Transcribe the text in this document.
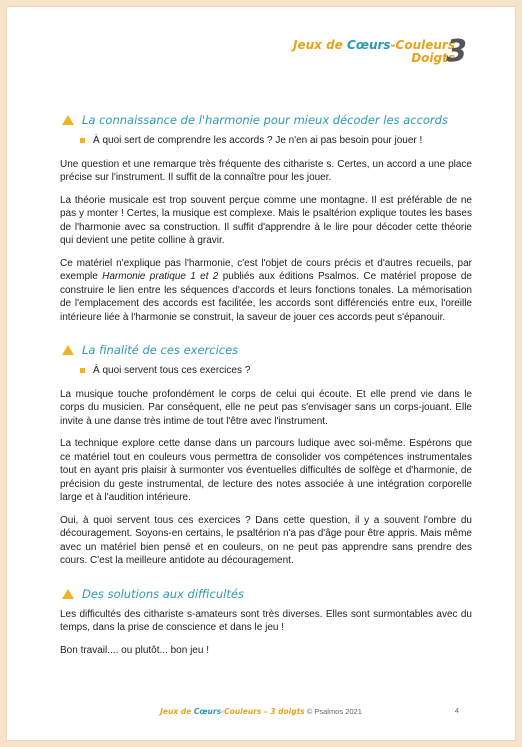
Jeux de Cœurs-Couleurs
Doigts
3
La connaissance de l'harmonie pour mieux décoder les accords
À quoi sert de comprendre les accords ? Je n'en ai pas besoin pour jouer !

Une question et une remarque très fréquente des cithariste s. Certes, un accord a une place précise sur l'instrument. Il suffit de la connaître pour les jouer.

La théorie musicale est trop souvent perçue comme une montagne. Il est préférable de ne pas y monter ! Certes, la musique est complexe. Mais le psaltérion explique toutes les bases de l'harmonie avec sa construction. Il suffit d'apprendre à le lire pour décoder cette théorie qui devient une petite colline à gravir.

Ce matériel n'explique pas l'harmonie, c'est l'objet de cours précis et d'autres recueils, par exemple Harmonie pratique 1 et 2 publiés aux éditions Psalmos. Ce matériel propose de construire le lien entre les séquences d'accords et leurs fonctions tonales. La mémorisation de l'emplacement des accords est facilitée, les accords sont différenciés entre eux, l'oreille intérieure liée à l'harmonie se construit, la saveur de jouer ces accords peut s'épanouir.

La finalité de ces exercices
À quoi servent tous ces exercices ?

La musique touche profondément le corps de celui qui écoute. Et elle prend vie dans le corps du musicien. Par conséquent, elle ne peut pas s'envisager sans un corps-jouant. Elle invite à une danse très intime de tout l'être avec l'instrument.

La technique explore cette danse dans un parcours ludique avec soi-même. Espérons que ce matériel tout en couleurs vous permettra de consolider vos compétences instrumentales tout en ayant pris plaisir à surmonter vos éventuelles difficultés de solfège et d'harmonie, de précision du geste instrumental, de lecture des notes associée à une intégration corporelle large et à l'audition intérieure.

Oui, à quoi servent tous ces exercices ? Dans cette question, il y a souvent l'ombre du découragement. Soyons-en certains, le psaltérion n'a pas d'âge pour être appris. Mais même avec un matériel bien pensé et en couleurs, on ne peut pas apprendre sans prendre des cours. C'est la meilleure antidote au découragement.

Des solutions aux difficultés

Les difficultés des cithariste s-amateurs sont très diverses. Elles sont surmontables avec du temps, dans la prise de conscience et dans le jeu !

Bon travail.... ou plutôt... bon jeu !

Jeux de Cœurs-Couleurs – 3 doigts © Psalmos 2021	4
